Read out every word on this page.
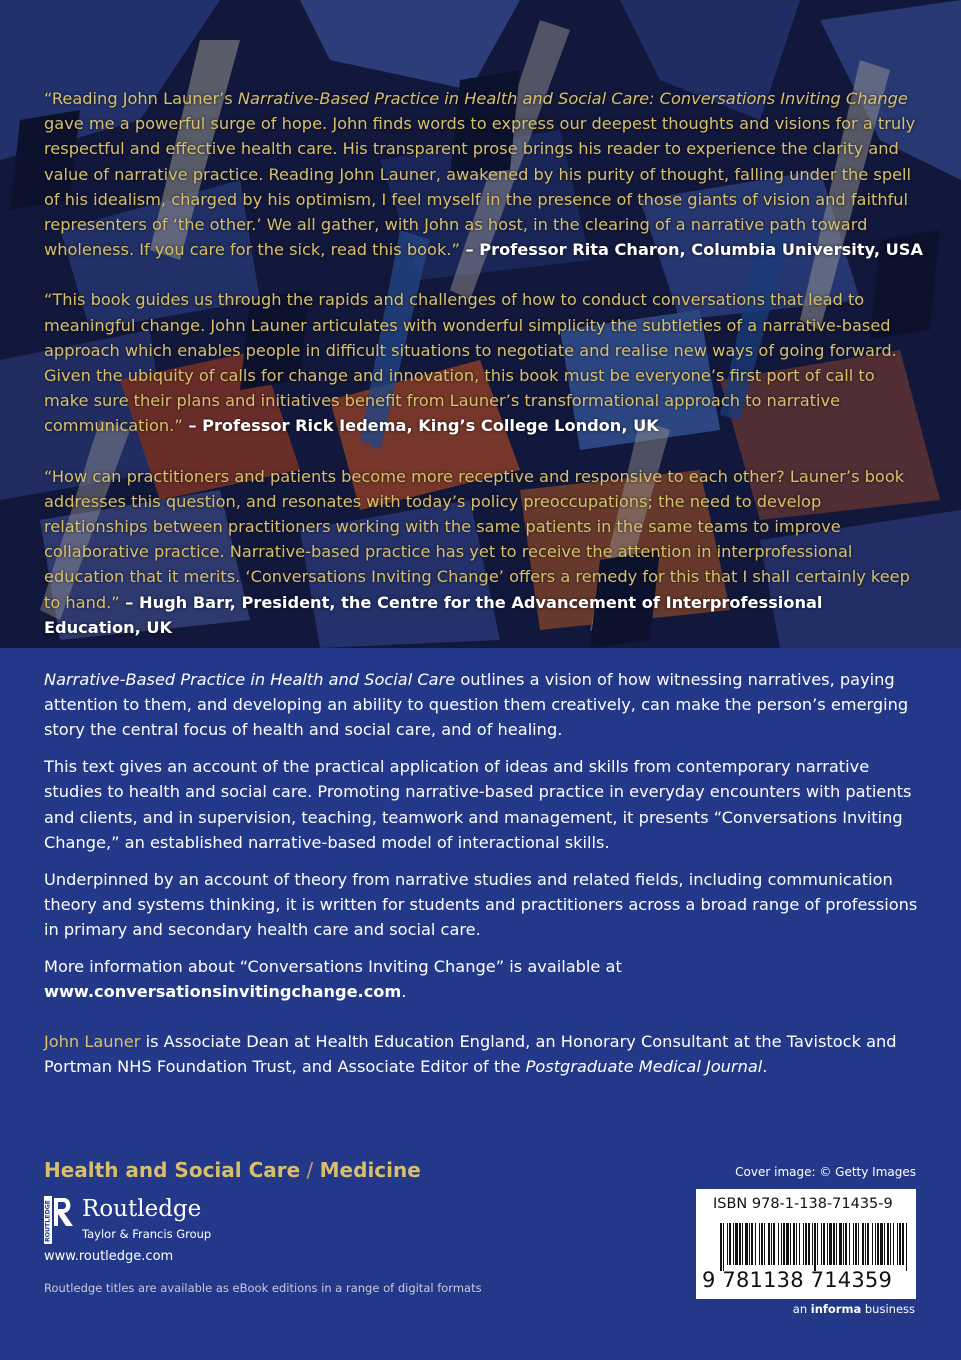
“Reading John Launer’s Narrative-Based Practice in Health and Social Care: Conversations Inviting Change gave me a powerful surge of hope. John finds words to express our deepest thoughts and visions for a truly respectful and effective health care. His transparent prose brings his reader to experience the clarity and value of narrative practice. Reading John Launer, awakened by his purity of thought, falling under the spell of his idealism, charged by his optimism, I feel myself in the presence of those giants of vision and faithful representers of ‘the other.’ We all gather, with John as host, in the clearing of a narrative path toward wholeness. If you care for the sick, read this book.” – Professor Rita Charon, Columbia University, USA

“This book guides us through the rapids and challenges of how to conduct conversations that lead to meaningful change. John Launer articulates with wonderful simplicity the subtleties of a narrative-based approach which enables people in difficult situations to negotiate and realise new ways of going forward. Given the ubiquity of calls for change and innovation, this book must be everyone’s first port of call to make sure their plans and initiatives benefit from Launer’s transformational approach to narrative communication.” – Professor Rick Iedema, King’s College London, UK

“How can practitioners and patients become more receptive and responsive to each other? Launer’s book addresses this question, and resonates with today’s policy preoccupations; the need to develop relationships between practitioners working with the same patients in the same teams to improve collaborative practice. Narrative-based practice has yet to receive the attention in interprofessional education that it merits. ‘Conversations Inviting Change’ offers a remedy for this that I shall certainly keep to hand.” – Hugh Barr, President, the Centre for the Advancement of Interprofessional Education, UK

Narrative-Based Practice in Health and Social Care outlines a vision of how witnessing narratives, paying attention to them, and developing an ability to question them creatively, can make the person’s emerging story the central focus of health and social care, and of healing.

This text gives an account of the practical application of ideas and skills from contemporary narrative studies to health and social care. Promoting narrative-based practice in everyday encounters with patients and clients, and in supervision, teaching, teamwork and management, it presents “Conversations Inviting Change,” an established narrative-based model of interactional skills.

Underpinned by an account of theory from narrative studies and related fields, including communication theory and systems thinking, it is written for students and practitioners across a broad range of professions in primary and secondary health care and social care.

More information about “Conversations Inviting Change” is available at www.conversationsinvitingchange.com.

John Launer is Associate Dean at Health Education England, an Honorary Consultant at the Tavistock and Portman NHS Foundation Trust, and Associate Editor of the Postgraduate Medical Journal.

Health and Social Care / Medicine
ROUTLEDGE Routledge
Taylor & Francis Group
www.routledge.com
Routledge titles are available as eBook editions in a range of digital formats
Cover image: © Getty Images
ISBN 978-1-138-71435-9
9 781138 714359
an informa business
